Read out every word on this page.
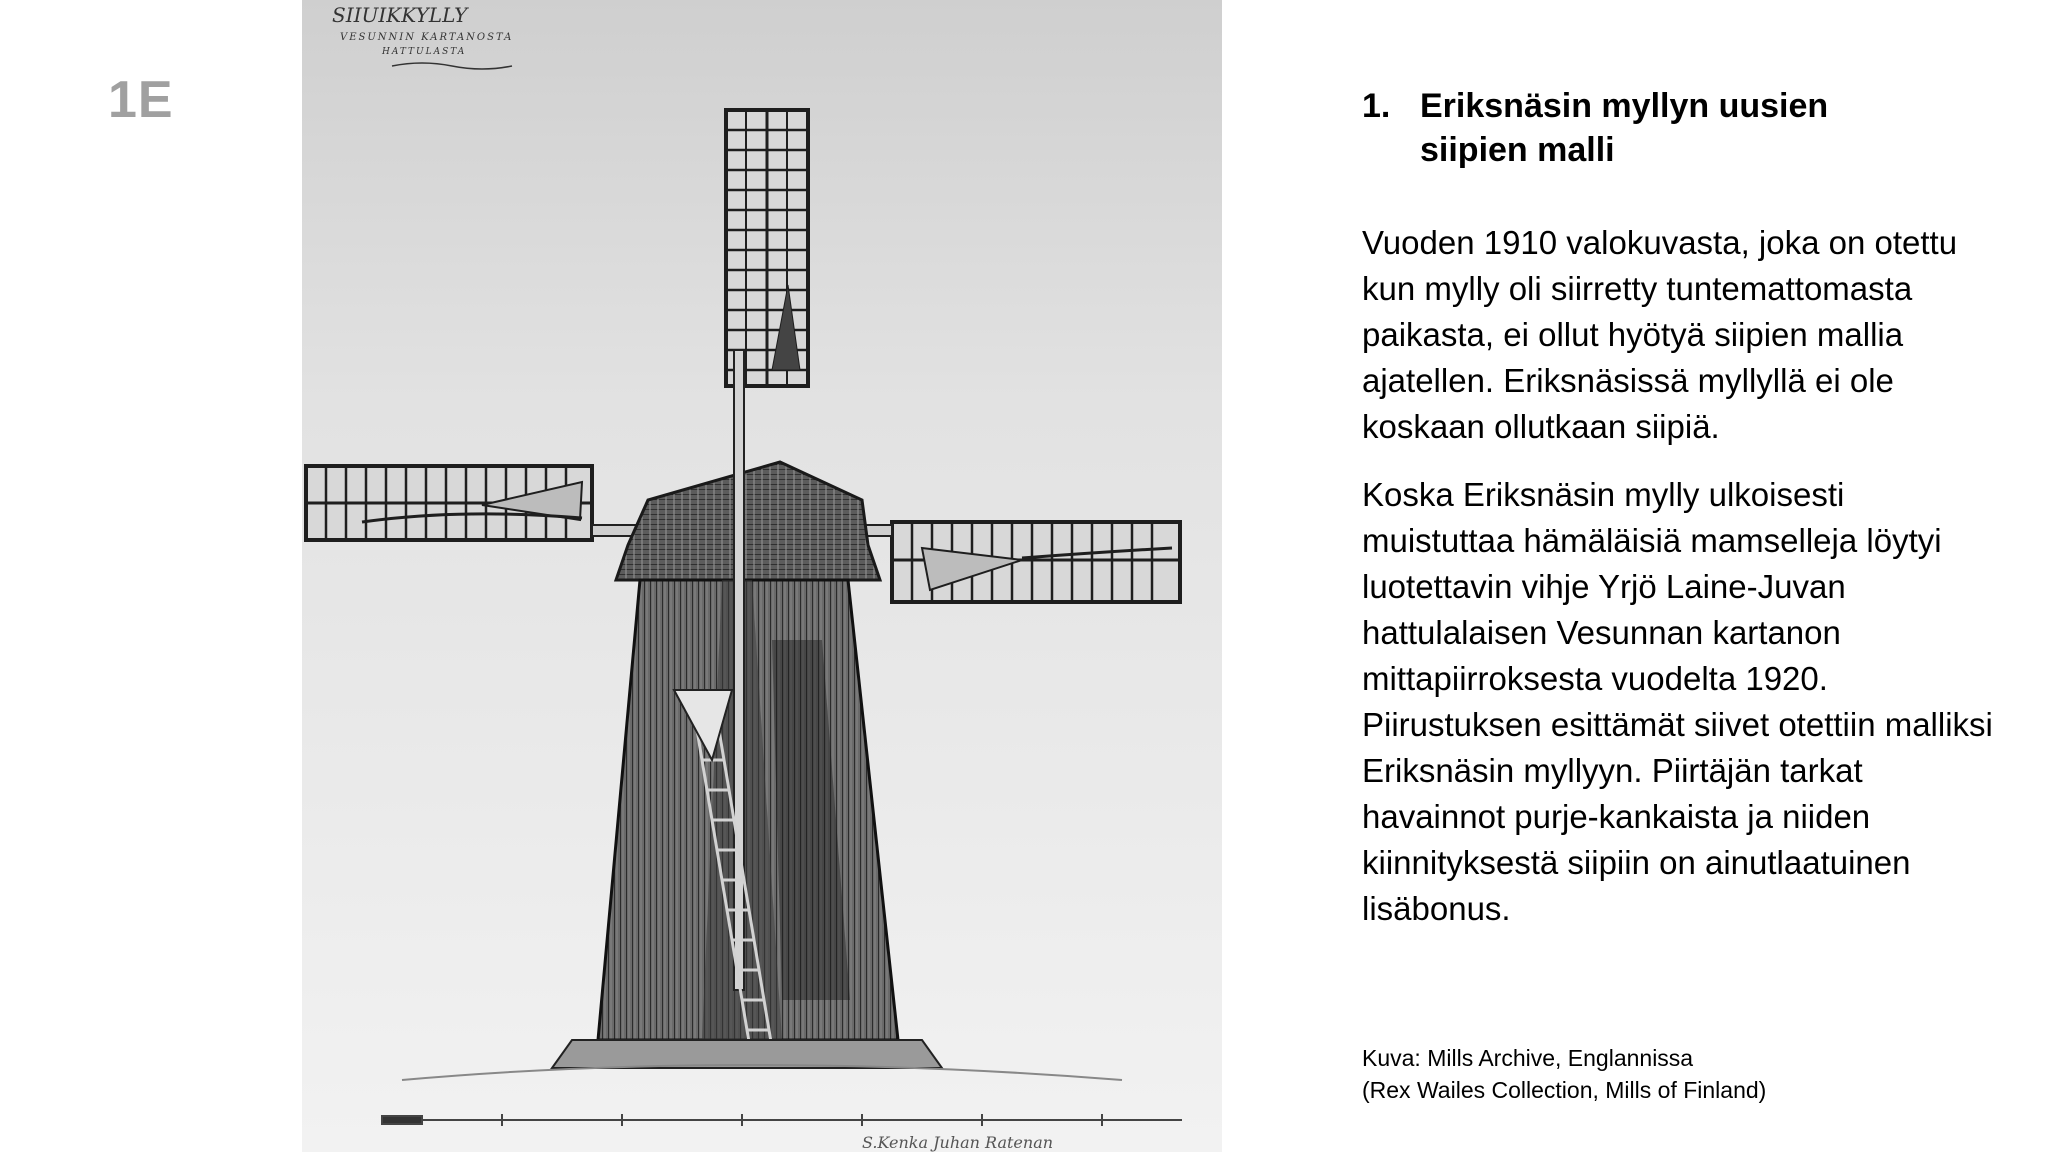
1E
SIIUIKKYLLY
VESUNNIN KARTANOSTA
HATTULASTA
S.Kenka Juhan Ratenan
1. Eriksnäsin myllyn uusien siipien malli

Vuoden 1910 valokuvasta, joka on otettu kun mylly oli siirretty tuntemattomasta paikasta, ei ollut hyötyä siipien mallia ajatellen. Eriksnäsissä myllyllä ei ole koskaan ollutkaan siipiä.

Koska Eriksnäsin mylly ulkoisesti muistuttaa hämäläisiä mamselleja löytyi luotettavin vihje Yrjö Laine-Juvan hattulalaisen Vesunnan kartanon mittapiirroksesta vuodelta 1920. Piirustuksen esittämät siivet otettiin malliksi Eriksnäsin myllyyn. Piirtäjän tarkat havainnot purje-kankaista ja niiden kiinnityksestä siipiin on ainutlaatuinen lisäbonus.

Kuva: Mills Archive, Englannissa
(Rex Wailes Collection, Mills of Finland)
